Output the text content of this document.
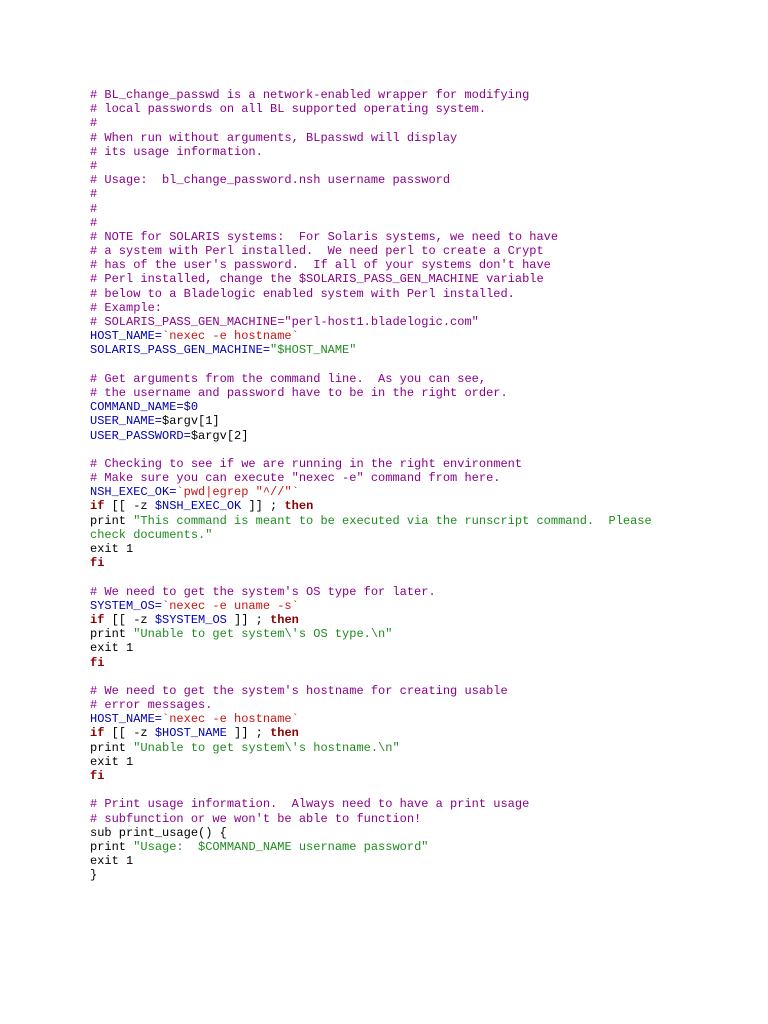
# BL_change_passwd is a network-enabled wrapper for modifying
# local passwords on all BL supported operating system.
#
# When run without arguments, BLpasswd will display
# its usage information.
#
# Usage:  bl_change_password.nsh username password
#
#
#
# NOTE for SOLARIS systems:  For Solaris systems, we need to have
# a system with Perl installed.  We need perl to create a Crypt
# has of the user's password.  If all of your systems don't have
# Perl installed, change the $SOLARIS_PASS_GEN_MACHINE variable
# below to a Bladelogic enabled system with Perl installed.
# Example:
# SOLARIS_PASS_GEN_MACHINE="perl-host1.bladelogic.com"
HOST_NAME=`nexec -e hostname`
SOLARIS_PASS_GEN_MACHINE="$HOST_NAME"
# Get arguments from the command line.  As you can see,
# the username and password have to be in the right order.
COMMAND_NAME=$0
USER_NAME=$argv[1]
USER_PASSWORD=$argv[2]
# Checking to see if we are running in the right environment
# Make sure you can execute "nexec -e" command from here.
NSH_EXEC_OK=`pwd|egrep "^//"`
if [[ -z $NSH_EXEC_OK ]] ; then
print "This command is meant to be executed via the runscript command.  Please
check documents."
exit 1
fi
# We need to get the system's OS type for later.
SYSTEM_OS=`nexec -e uname -s`
if [[ -z $SYSTEM_OS ]] ; then
print "Unable to get system\'s OS type.\n"
exit 1
fi
# We need to get the system's hostname for creating usable
# error messages.
HOST_NAME=`nexec -e hostname`
if [[ -z $HOST_NAME ]] ; then
print "Unable to get system\'s hostname.\n"
exit 1
fi
# Print usage information.  Always need to have a print usage
# subfunction or we won't be able to function!
sub print_usage() {
print "Usage:  $COMMAND_NAME username password"
exit 1
}
